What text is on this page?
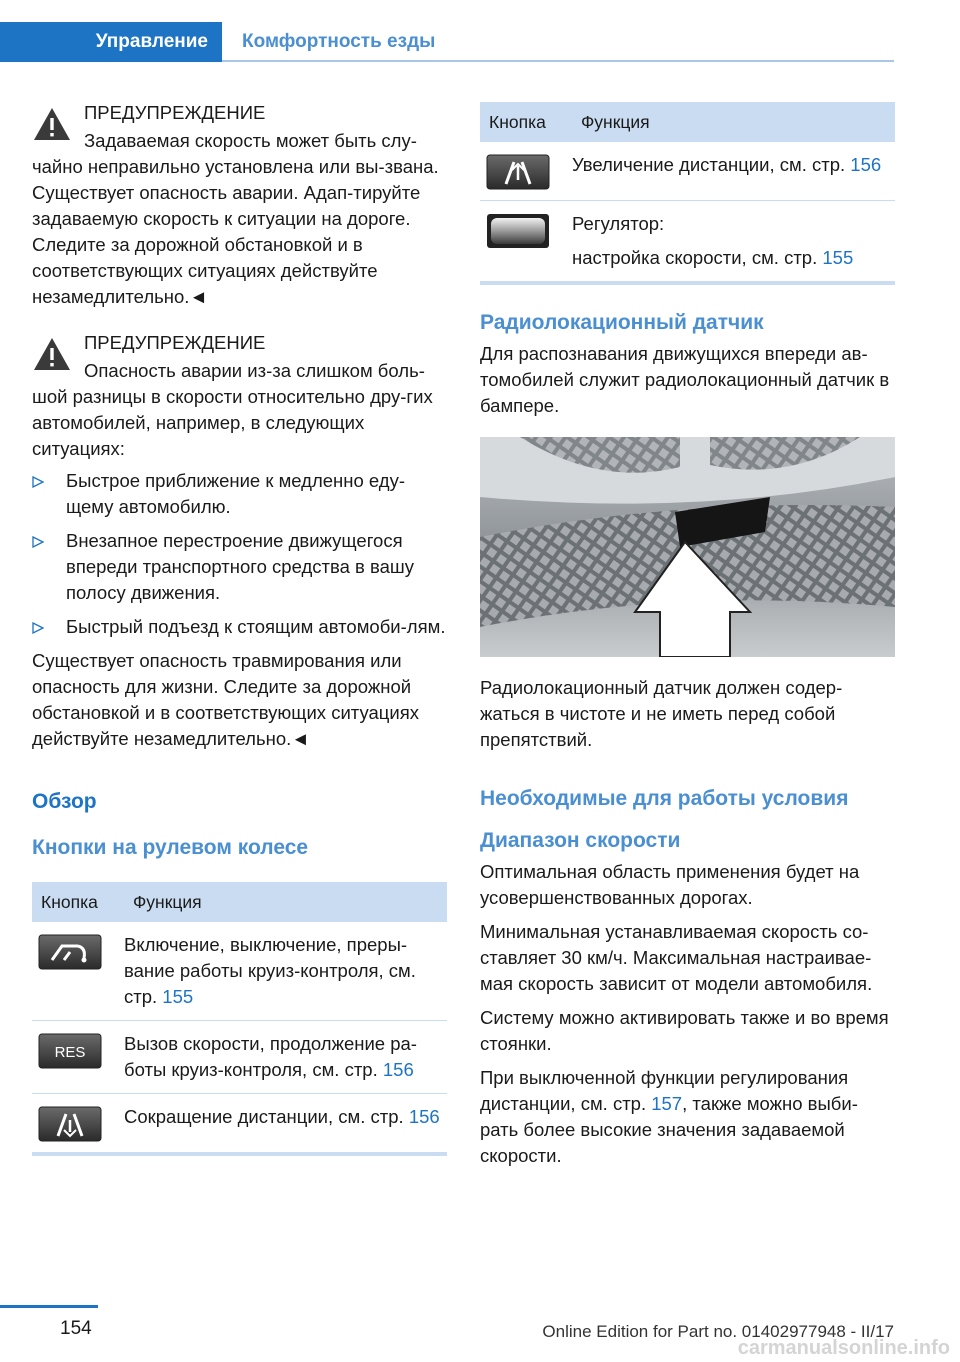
Управление	Комфортность езды

ПРЕДУПРЕЖДЕНИЕ

Задаваемая скорость может быть слу-

чайно неправильно установлена или вы-звана. Существует опасность аварии. Адап-тируйте задаваемую скорость к ситуации на дороге. Следите за дорожной обстановкой и в соответствующих ситуациях действуйте незамедлительно.◄

ПРЕДУПРЕЖДЕНИЕ

Опасность аварии из-за слишком боль-

шой разницы в скорости относительно дру-гих автомобилей, например, в следующих ситуациях:

Быстрое приближение к медленно еду-щему автомобилю.
Внезапное перестроение движущегося впереди транспортного средства в вашу полосу движения.
Быстрый подъезд к стоящим автомоби-лям.

Существует опасность травмирования или опасность для жизни. Следите за дорожной обстановкой и в соответствующих ситуациях действуйте незамедлительно.◄

Обзор
Кнопки на рулевом колесе
Кнопка	Функция

	Включение, выключение, преры-вание работы круиз-контроля, см. стр. 155

RES	Вызов скорости, продолжение ра-боты круиз-контроля, см. стр. 156

	Сокращение дистанции, см. стр. 156
Кнопка	Функция

	Увеличение дистанции, см. стр. 156

Регулятор:
настройка скорости, см. стр. 155
Радиолокационный датчик

Для распознавания движущихся впереди ав-томобилей служит радиолокационный датчик в бампере.

Радиолокационный датчик должен содер-жаться в чистоте и не иметь перед собой препятствий.

Необходимые для работы условия
Диапазон скорости

Оптимальная область применения будет на усовершенствованных дорогах.

Минимальная устанавливаемая скорость со-ставляет 30 км/ч. Максимальная настраивае-мая скорость зависит от модели автомобиля.

Систему можно активировать также и во время стоянки.

При выключенной функции регулирования дистанции, см. стр. 157, также можно выби-рать более высокие значения задаваемой скорости.

154	Online Edition for Part no. 01402977948 - II/17
carmanualsonline.info
